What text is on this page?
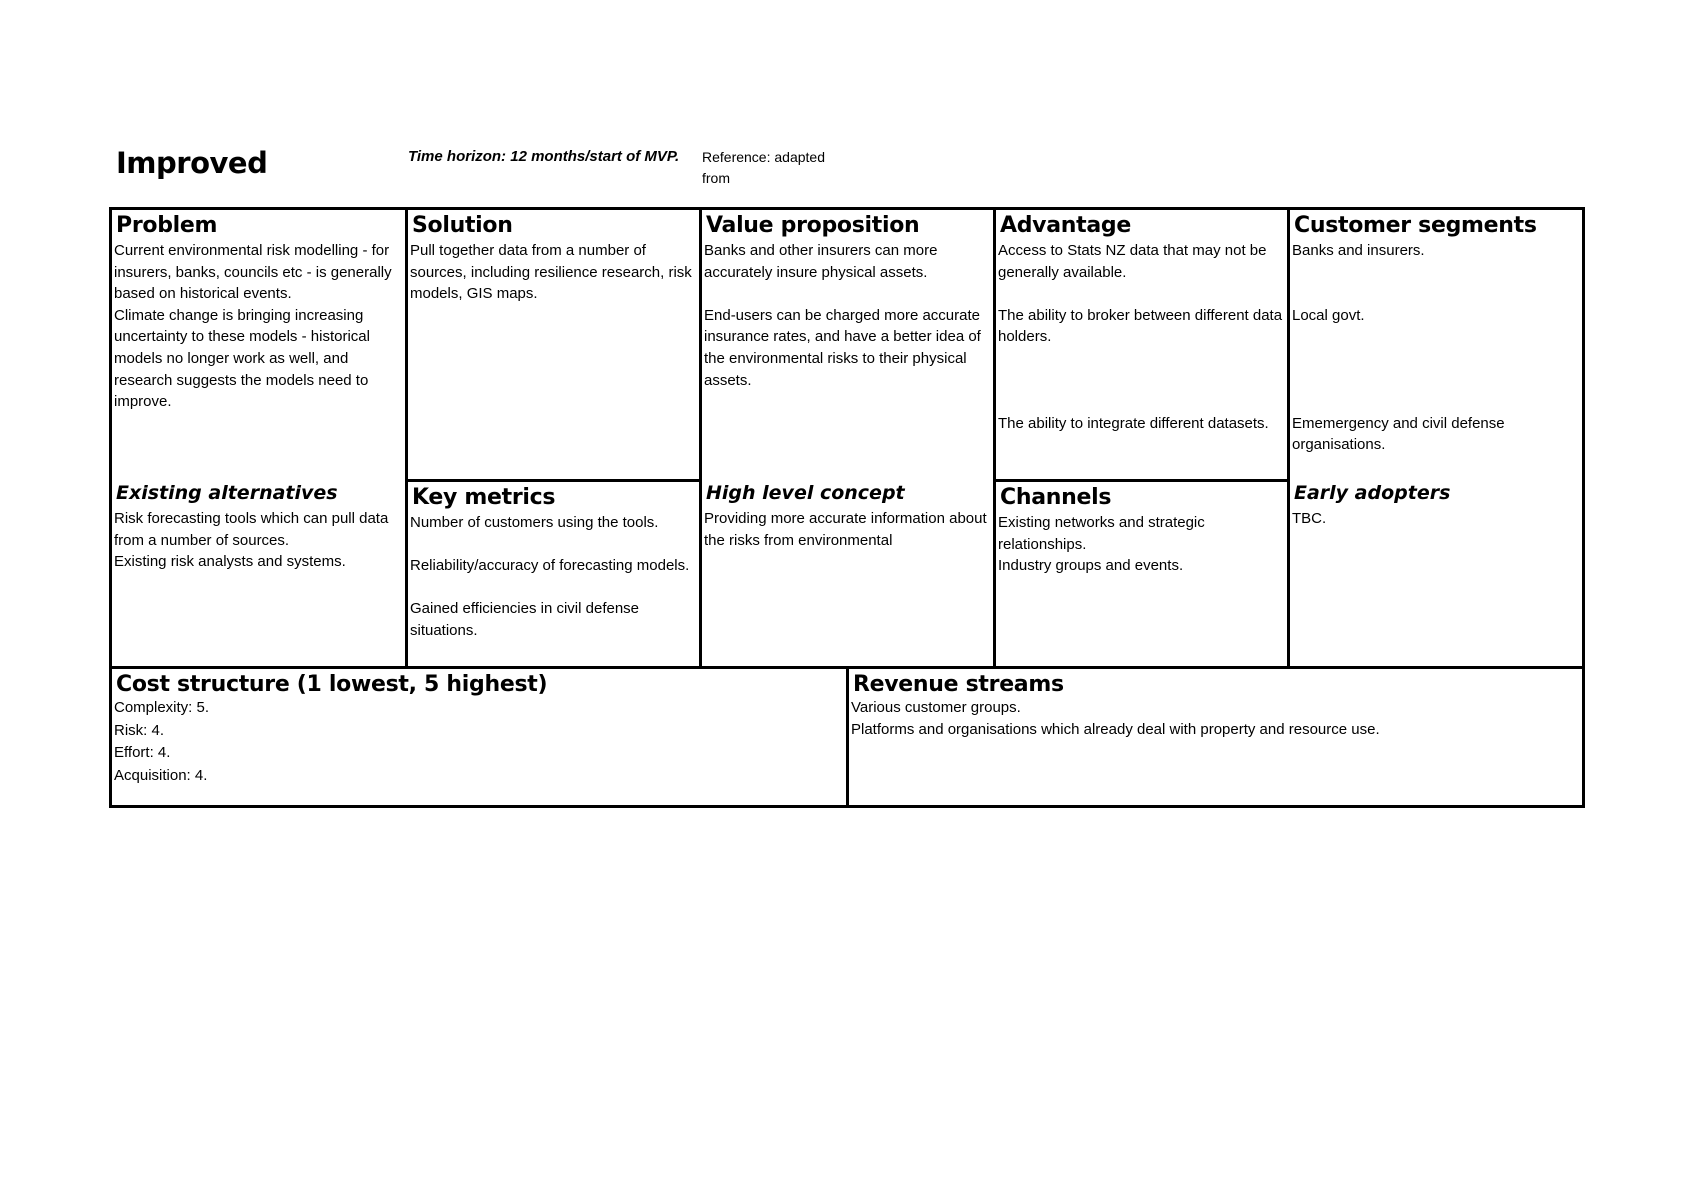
Improved	Time horizon: 12 months/start of MVP. Reference: adapted from
Problem
Current environmental risk modelling - for insurers, banks, councils etc - is generally based on historical events.
Climate change is bringing increasing uncertainty to these models - historical models no longer work as well, and research suggests the models need to improve.
Existing alternatives
Risk forecasting tools which can pull data from a number of sources.
Existing risk analysts and systems.
Solution
Pull together data from a number of sources, including resilience research, risk models, GIS maps.
Key metrics
Number of customers using the tools.

Reliability/accuracy of forecasting models.

Gained efficiencies in civil defense situations.
Value proposition
Banks and other insurers can more accurately insure physical assets.

End-users can be charged more accurate insurance rates, and have a better idea of the environmental risks to their physical assets.
High level concept
Providing more accurate information about the risks from environmental
Advantage
Access to Stats NZ data that may not be generally available.

The ability to broker between different data holders.

The ability to integrate different datasets.
Channels
Existing networks and strategic relationships.
Industry groups and events.
Customer segments
Banks and insurers.

Local govt.

Ememergency and civil defense organisations.
Early adopters
TBC.
Cost structure (1 lowest, 5 highest)
Complexity: 5.
Risk: 4.
Effort: 4.
Acquisition: 4.
Revenue streams
Various customer groups.
Platforms and organisations which already deal with property and resource use.
